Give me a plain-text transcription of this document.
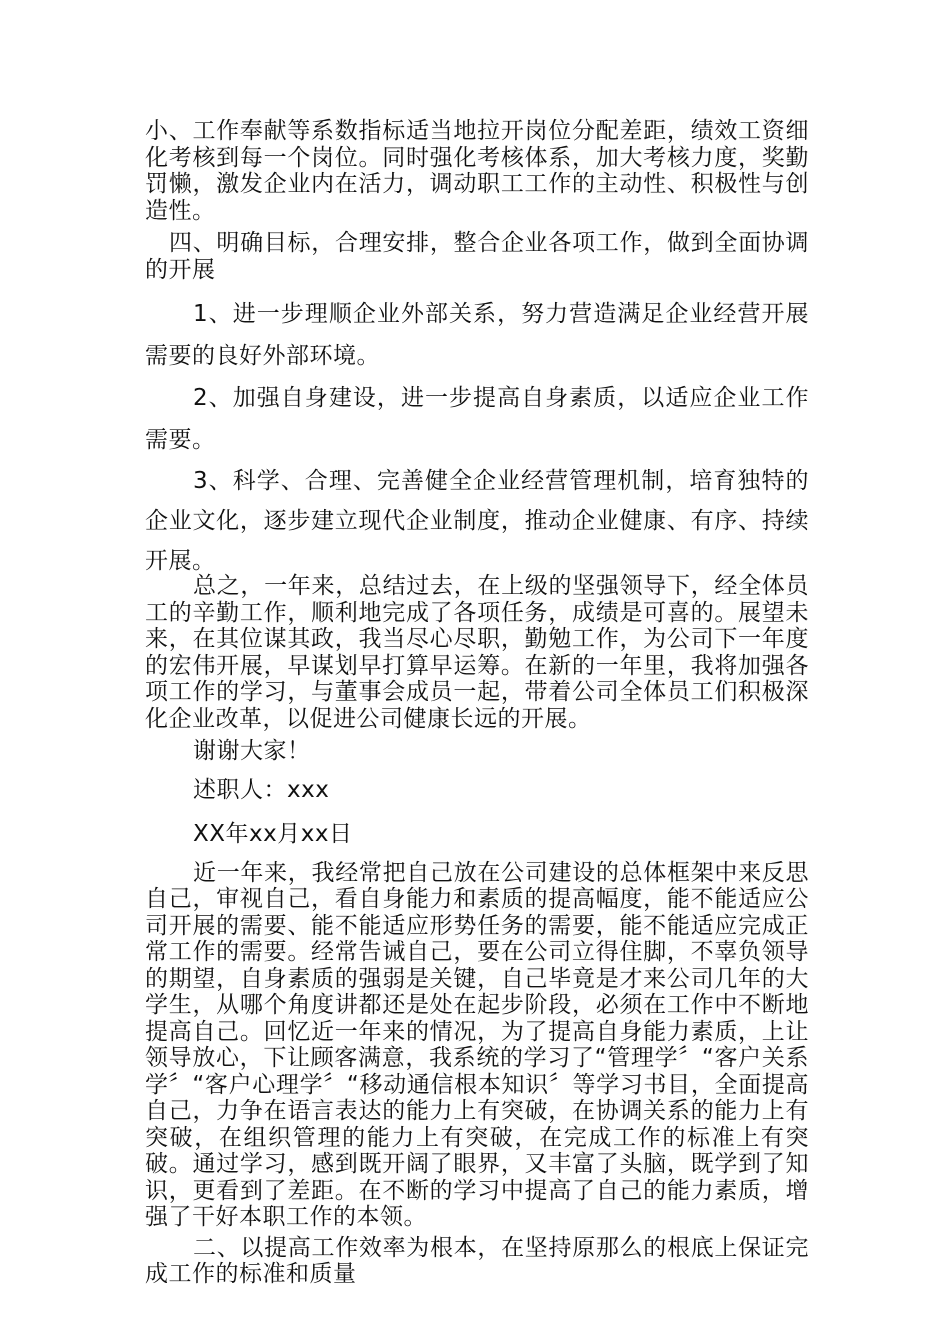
小、工作奉献等系数指标适当地拉开岗位分配差距，绩效工资细化考核到每一个岗位。同时强化考核体系，加大考核力度，奖勤罚懒，激发企业内在活力，调动职工工作的主动性、积极性与创造性。

四、明确目标，合理安排，整合企业各项工作，做到全面协调的开展

1、进一步理顺企业外部关系，努力营造满足企业经营开展需要的良好外部环境。

2、加强自身建设，进一步提高自身素质，以适应企业工作需要。

3、科学、合理、完善健全企业经营管理机制，培育独特的企业文化，逐步建立现代企业制度，推动企业健康、有序、持续开展。

总之，一年来，总结过去，在上级的坚强领导下，经全体员工的辛勤工作，顺利地完成了各项任务，成绩是可喜的。展望未来，在其位谋其政，我当尽心尽职，勤勉工作，为公司下一年度的宏伟开展，早谋划早打算早运筹。在新的一年里，我将加强各项工作的学习，与董事会成员一起，带着公司全体员工们积极深化企业改革，以促进公司健康长远的开展。

谢谢大家！

述职人：xxx

XX年xx月xx日

近一年来，我经常把自己放在公司建设的总体框架中来反思自己，审视自己，看自身能力和素质的提高幅度，能不能适应公司开展的需要、能不能适应形势任务的需要，能不能适应完成正常工作的需要。经常告诫自己，要在公司立得住脚，不辜负领导的期望，自身素质的强弱是关键，自己毕竟是才来公司几年的大学生，从哪个角度讲都还是处在起步阶段，必须在工作中不断地提高自己。回忆近一年来的情况，为了提高自身能力素质，上让领导放心，下让顾客满意，我系统的学习了“管理学〞“客户关系学〞“客户心理学〞“移动通信根本知识〞等学习书目，全面提高自己，力争在语言表达的能力上有突破，在协调关系的能力上有突破，在组织管理的能力上有突破，在完成工作的标准上有突破。通过学习，感到既开阔了眼界，又丰富了头脑，既学到了知识，更看到了差距。在不断的学习中提高了自己的能力素质，增强了干好本职工作的本领。

二、以提高工作效率为根本，在坚持原那么的根底上保证完成工作的标准和质量
